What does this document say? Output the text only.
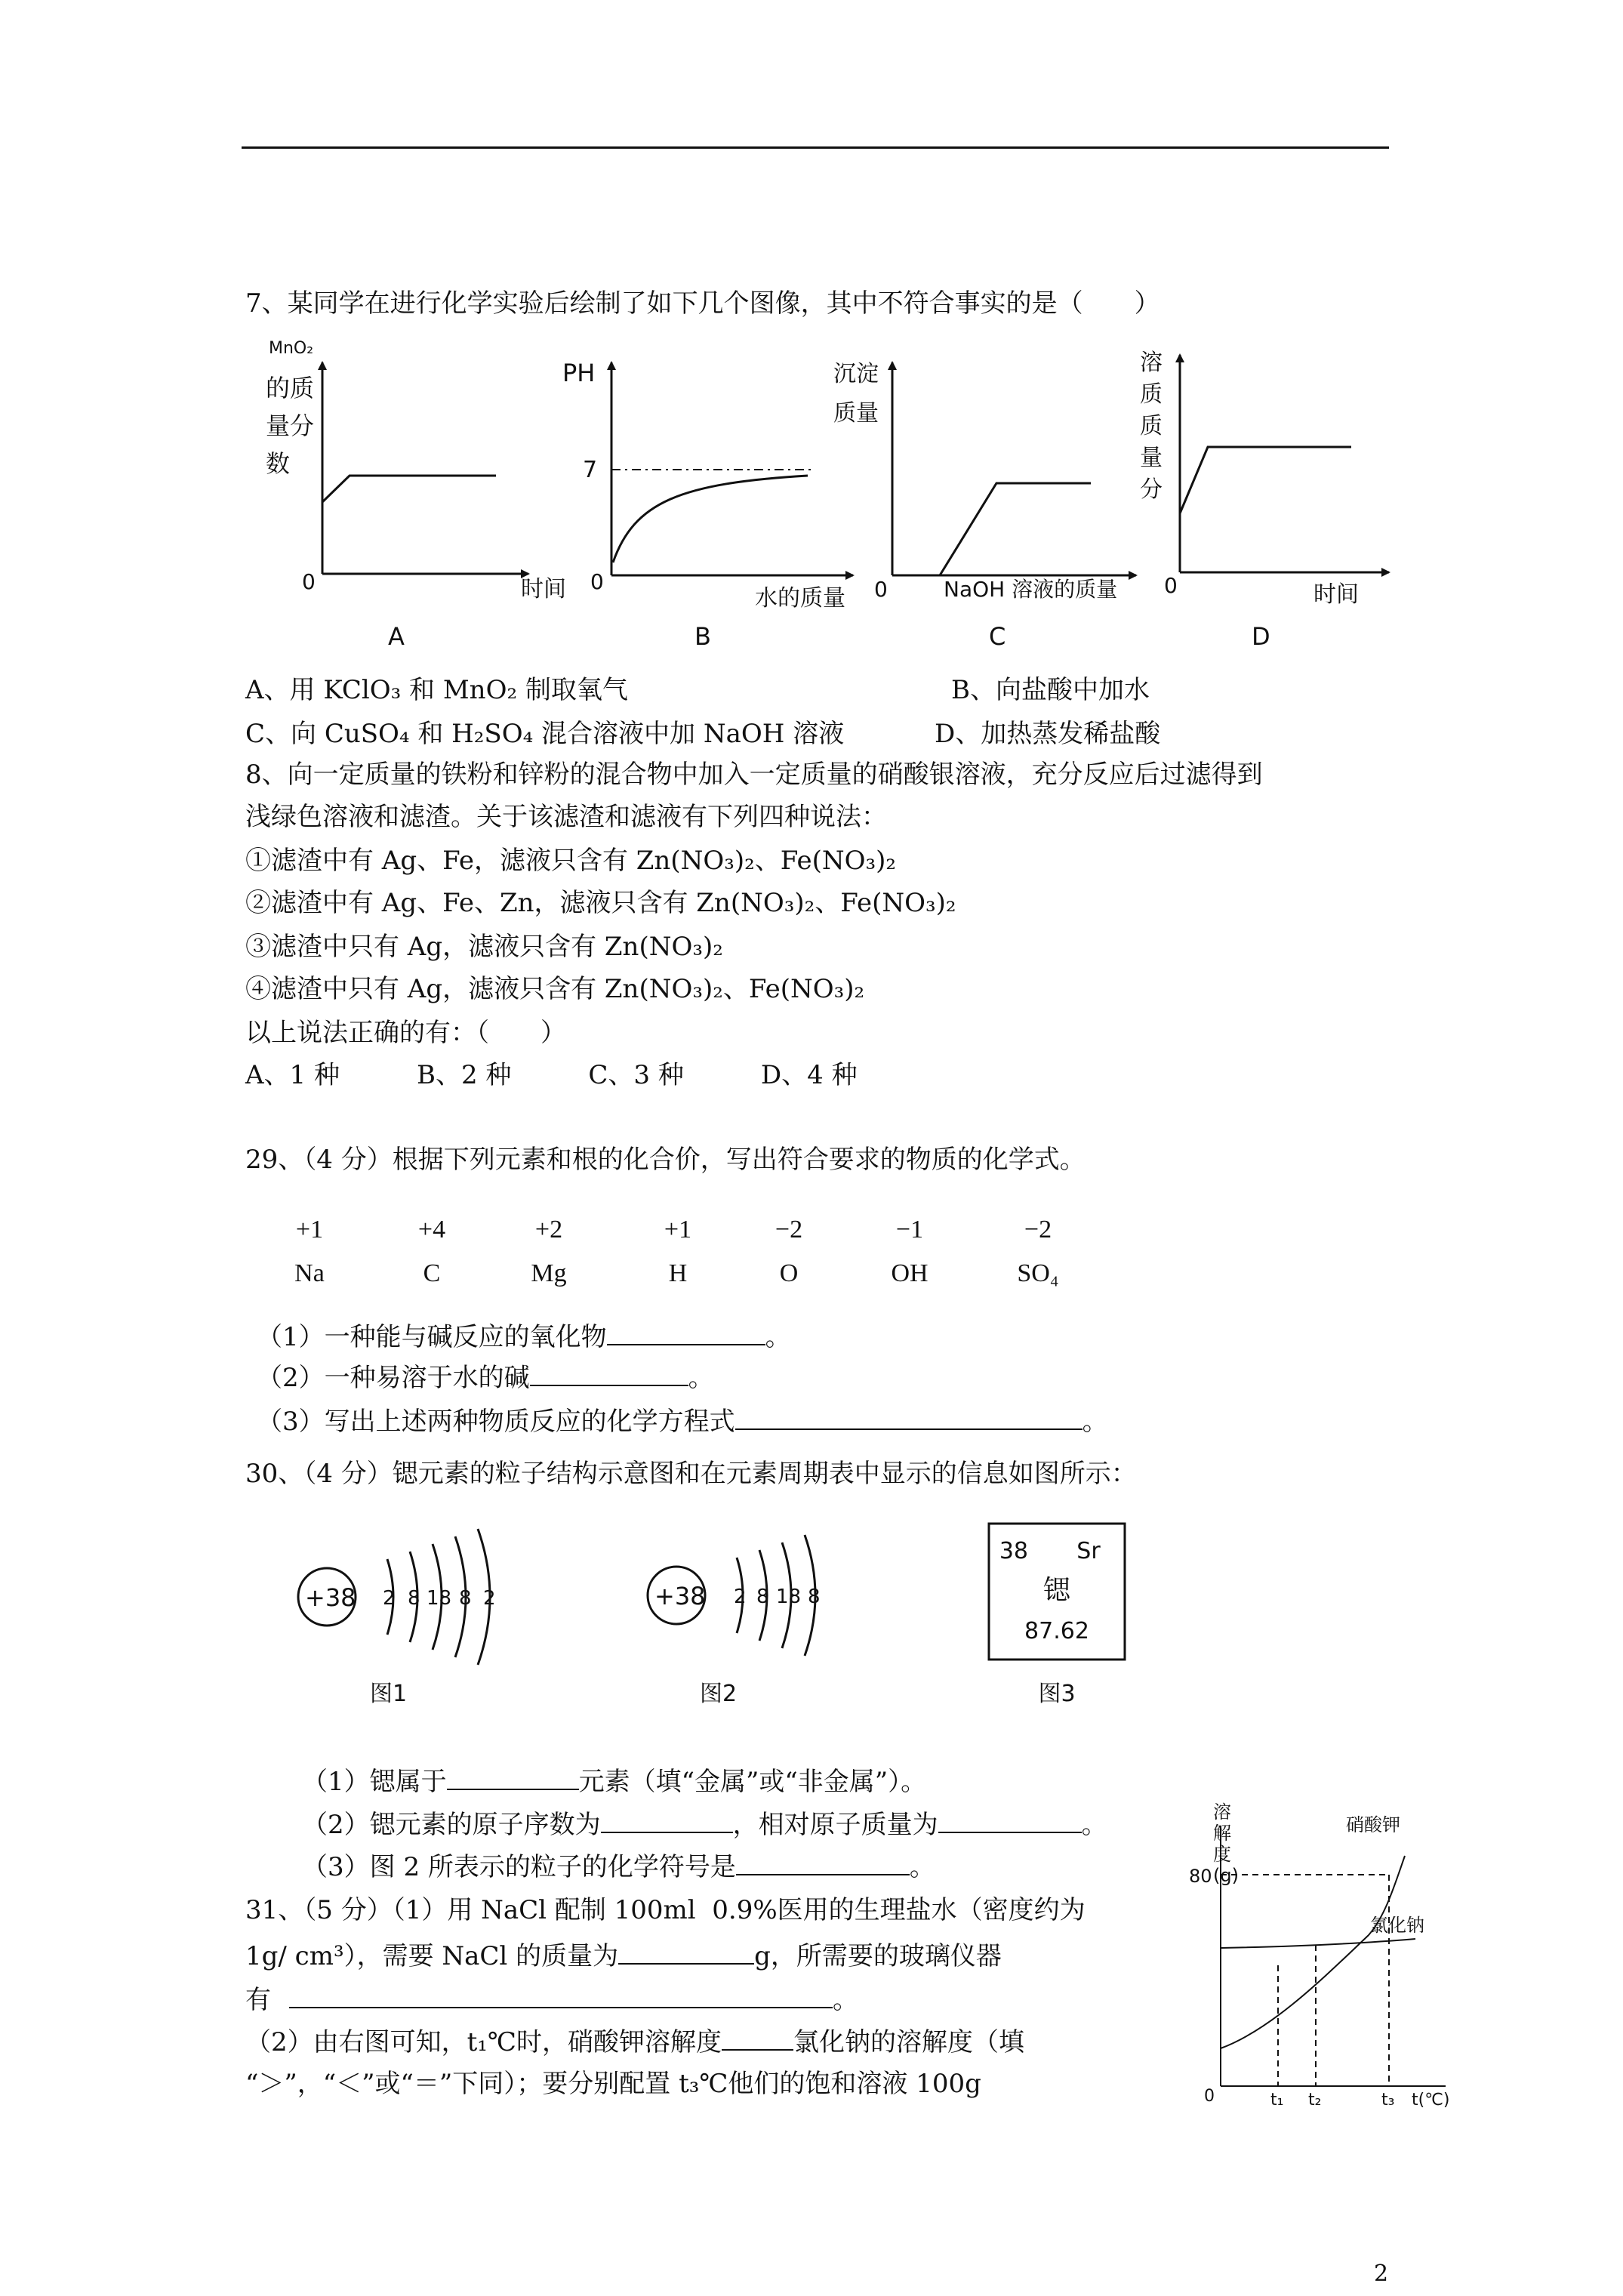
7、某同学在进行化学实验后绘制了如下几个图像，其中不符合事实的是（　　）
MnO₂
的质
量分
数
0	时间
A
PH
7
0
水的质量
B
沉淀
质量
0	NaOH 溶液的质量
C
溶
质
质
量
分
0	时间
D
A、用 KClO₃ 和 MnO₂ 制取氧气	B、向盐酸中加水
C、向 CuSO₄ 和 H₂SO₄ 混合溶液中加 NaOH 溶液	D、加热蒸发稀盐酸
8、向一定质量的铁粉和锌粉的混合物中加入一定质量的硝酸银溶液，充分反应后过滤得到
浅绿色溶液和滤渣。关于该滤渣和滤液有下列四种说法：
①滤渣中有 Ag、Fe，滤液只含有 Zn(NO₃)₂、Fe(NO₃)₂
②滤渣中有 Ag、Fe、Zn，滤液只含有 Zn(NO₃)₂、Fe(NO₃)₂
③滤渣中只有 Ag，滤液只含有 Zn(NO₃)₂
④滤渣中只有 Ag，滤液只含有 Zn(NO₃)₂、Fe(NO₃)₂
以上说法正确的有：（　　）
A、1 种　　　B、2 种　　　C、3 种　　　D、4 种
29、（4 分）根据下列元素和根的化合价，写出符合要求的物质的化学式。
+1	+4	+2	+1	−2	−1	−2
Na	C	Mg	H	O	OH	SO₄
（1）一种能与碱反应的氧化物	。
（2）一种易溶于水的碱	。
（3）写出上述两种物质反应的化学方程式	。
30、（4 分）锶元素的粒子结构示意图和在元素周期表中显示的信息如图所示：
+38 2 8 18 8 2
图1
+38 2 8 18 8
图2
38 Sr
锶
87.62
图3
（1）锶属于	元素（填“金属”或“非金属”）。
（2）锶元素的原子序数为	，相对原子质量为	。
（3）图 2 所表示的粒子的化学符号是	。
31、（5 分）（1）用 NaCl 配制 100ml  0.9%医用的生理盐水（密度约为
1g/ cm³），需要 NaCl 的质量为	g，所需要的玻璃仪器
有	。
（2）由右图可知，t₁℃时，硝酸钾溶解度	氯化钠的溶解度（填
“＞”，“＜”或“＝”下同）；要分别配置 t₃℃他们的饱和溶液 100g
溶
解
度
(g)
硝酸钾
氯化钠
80
0	t₁ t₂	t₃ t(℃)
2
